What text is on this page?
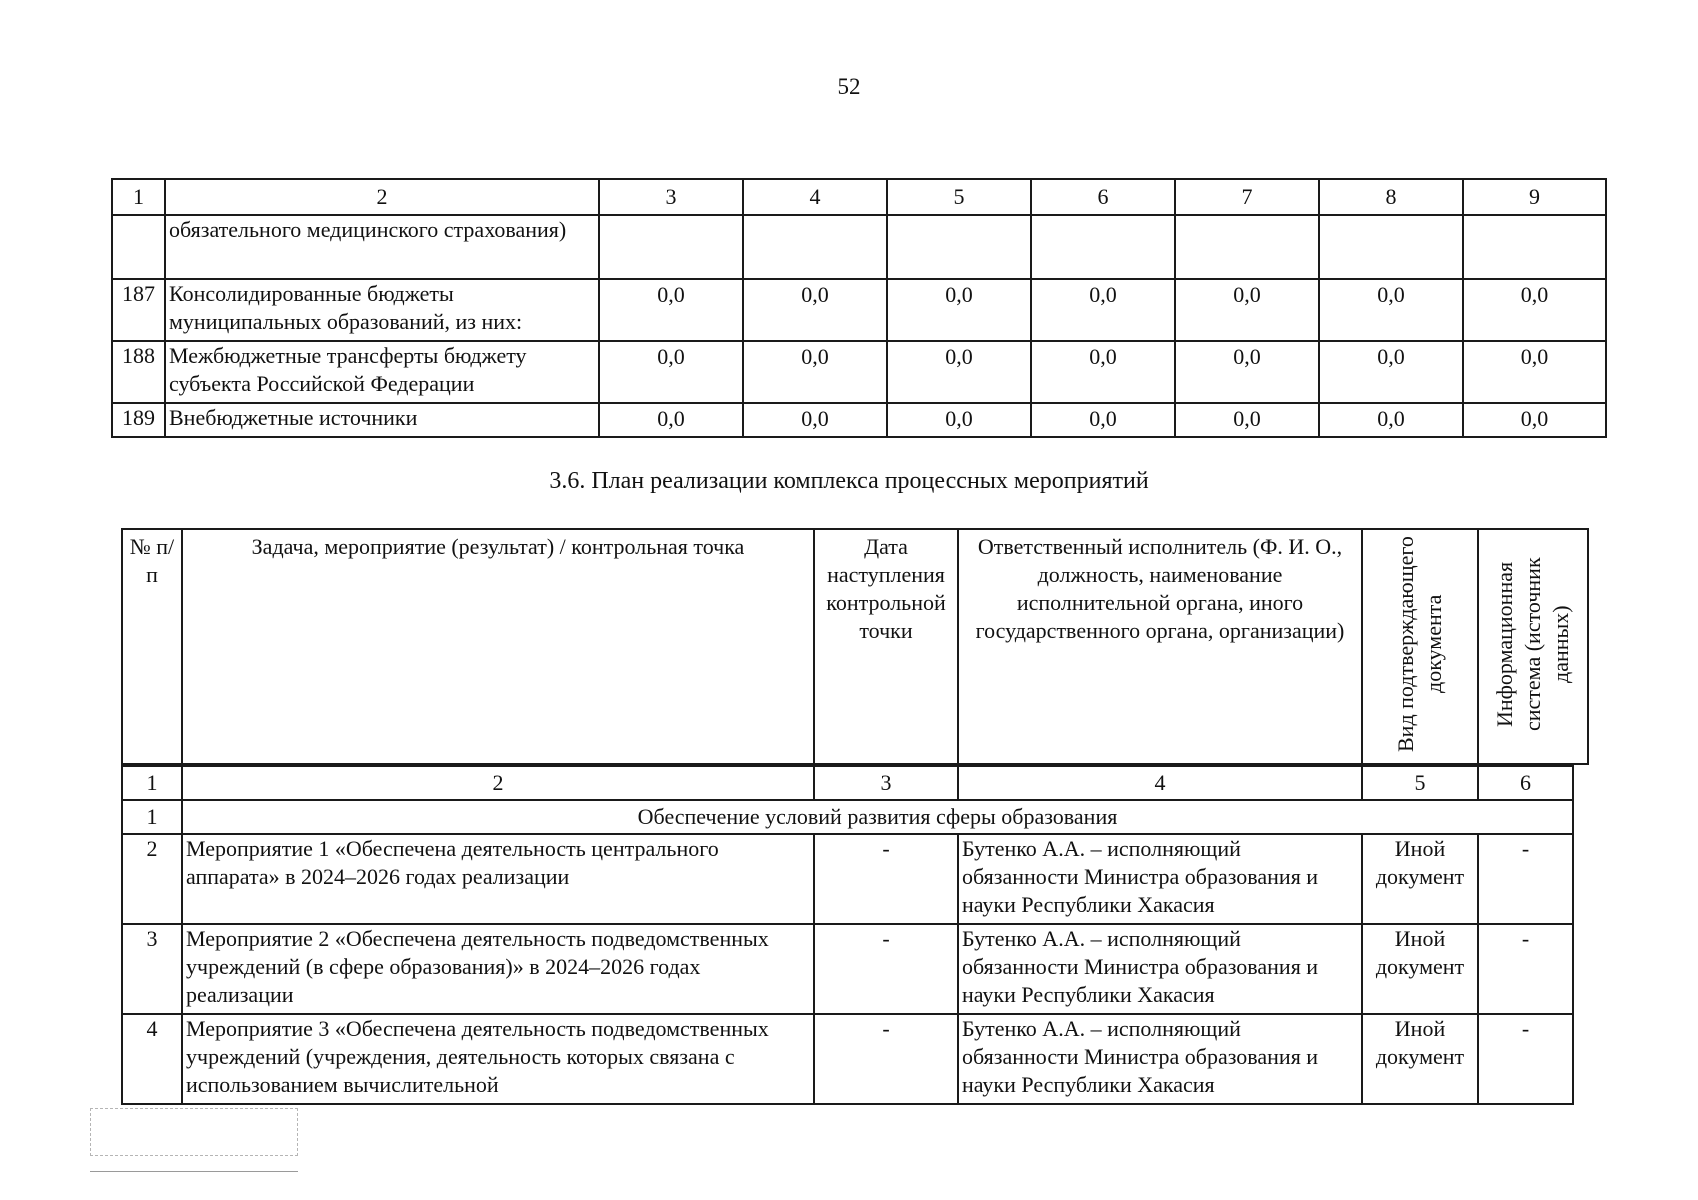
52
1	2	3	4	5	6	7	8	9
	обязательного медицинского страхования)							
187	Консолидированные бюджеты муниципальных образований, из них:	0,0	0,0	0,0	0,0	0,0	0,0	0,0
188	Межбюджетные трансферты бюджету субъекта Российской Федерации	0,0	0,0	0,0	0,0	0,0	0,0	0,0
189	Внебюджетные источники	0,0	0,0	0,0	0,0	0,0	0,0	0,0
3.6. План реализации комплекса процессных мероприятий
№ п/п	Задача, мероприятие (результат) / контрольная точка	Дата наступления контрольной точки	Ответственный исполнитель (Ф. И. О., должность, наименование исполнительной органа, иного государственного органа, организации)	Вид подтверждающего документа	Информационная система (источник данных)
1	2	3	4	5	6
1	Обеспечение условий развития сферы образования				
2	Мероприятие 1 «Обеспечена деятельность центрального аппарата» в 2024–2026 годах реализации	-	Бутенко А.А. – исполняющий обязанности Министра образования и науки Республики Хакасия	Иной документ	-
3	Мероприятие 2 «Обеспечена деятельность подведомственных учреждений (в сфере образования)» в 2024–2026 годах реализации	-	Бутенко А.А. – исполняющий обязанности Министра образования и науки Республики Хакасия	Иной документ	-
4	Мероприятие 3 «Обеспечена деятельность подведомственных учреждений (учреждения, деятельность которых связана с использованием вычислительной	-	Бутенко А.А. – исполняющий обязанности Министра образования и науки Республики Хакасия	Иной документ	-
